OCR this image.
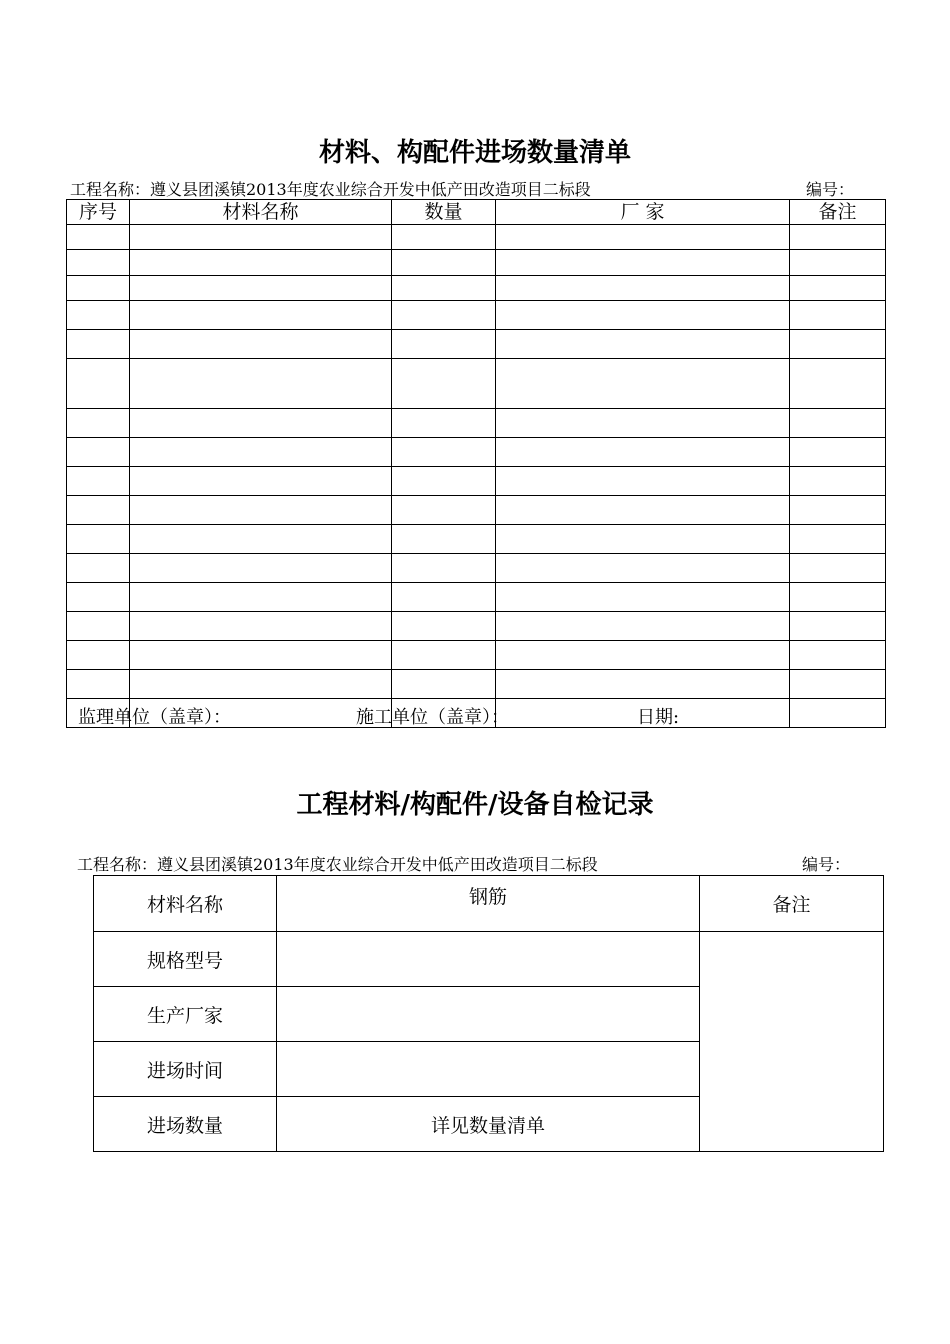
材料、构配件进场数量清单
工程名称：遵义县团溪镇2013年度农业综合开发中低产田改造项目二标段	编号：
序号	材料名称	数量	厂 家	备注

监理单位（盖章）：	施工单位（盖章）：	日期:
工程材料/构配件/设备自检记录
工程名称：遵义县团溪镇2013年度农业综合开发中低产田改造项目二标段	编号：
材料名称	钢筋	备注
规格型号		
生产厂家		
进场时间		
进场数量	详见数量清单	
